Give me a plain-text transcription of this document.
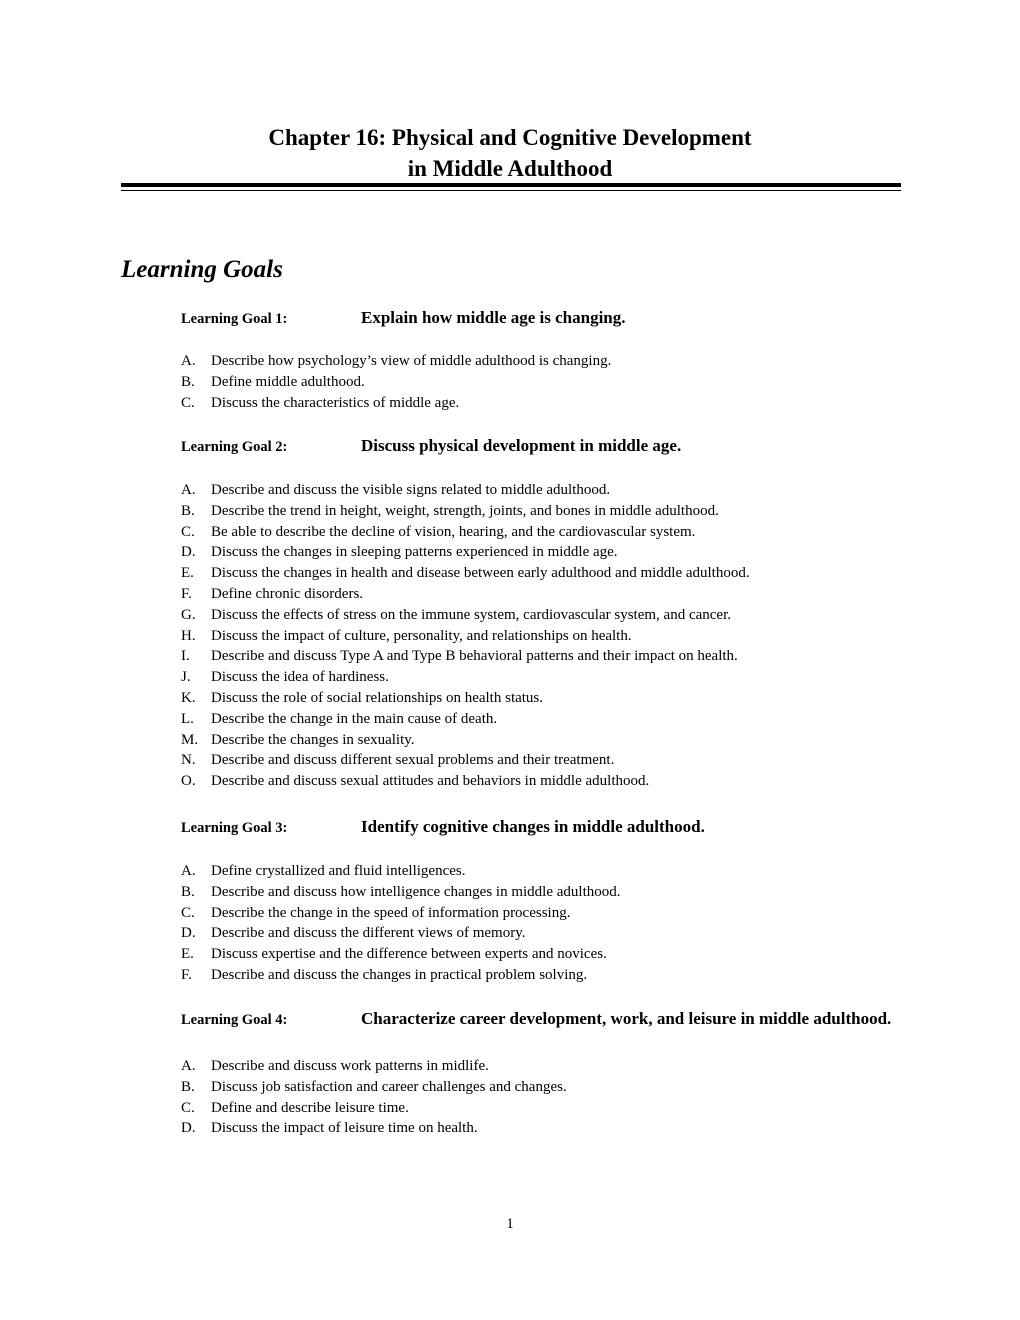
Chapter 16: Physical and Cognitive Development
in Middle Adulthood
Learning Goals
Learning Goal 1:	Explain how middle age is changing.
A. Describe how psychology’s view of middle adulthood is changing.
B. Define middle adulthood.
C. Discuss the characteristics of middle age.
Learning Goal 2:	Discuss physical development in middle age.
A. Describe and discuss the visible signs related to middle adulthood.
B. Describe the trend in height, weight, strength, joints, and bones in middle adulthood.
C. Be able to describe the decline of vision, hearing, and the cardiovascular system.
D. Discuss the changes in sleeping patterns experienced in middle age.
E. Discuss the changes in health and disease between early adulthood and middle adulthood.
F. Define chronic disorders.
G. Discuss the effects of stress on the immune system, cardiovascular system, and cancer.
H. Discuss the impact of culture, personality, and relationships on health.
I. Describe and discuss Type A and Type B behavioral patterns and their impact on health.
J. Discuss the idea of hardiness.
K. Discuss the role of social relationships on health status.
L. Describe the change in the main cause of death.
M. Describe the changes in sexuality.
N. Describe and discuss different sexual problems and their treatment.
O. Describe and discuss sexual attitudes and behaviors in middle adulthood.
Learning Goal 3:	Identify cognitive changes in middle adulthood.
A. Define crystallized and fluid intelligences.
B. Describe and discuss how intelligence changes in middle adulthood.
C. Describe the change in the speed of information processing.
D. Describe and discuss the different views of memory.
E. Discuss expertise and the difference between experts and novices.
F. Describe and discuss the changes in practical problem solving.
Learning Goal 4:	Characterize career development, work, and leisure in middle adulthood.
A. Describe and discuss work patterns in midlife.
B. Discuss job satisfaction and career challenges and changes.
C. Define and describe leisure time.
D. Discuss the impact of leisure time on health.
1
